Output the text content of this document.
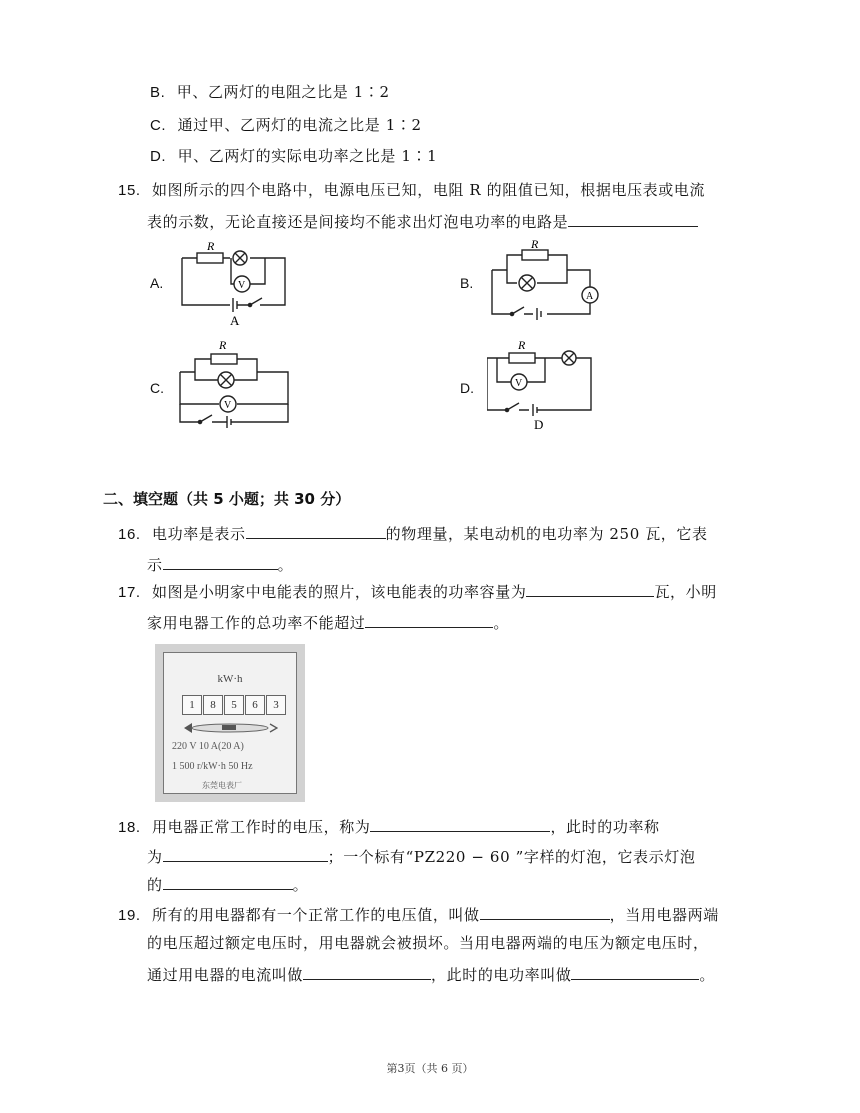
B. 甲、乙两灯的电阻之比是 1∶2
C. 通过甲、乙两灯的电流之比是 1∶2
D. 甲、乙两灯的实际电功率之比是 1∶1
15. 如图所示的四个电路中，电源电压已知，电阻 R 的阻值已知，根据电压表或电流
表的示数，无论直接还是间接均不能求出灯泡电功率的电路是
A.
R
V
A
B.
R
A
C.
R
V
D.
R
V
D
二、填空题（共 5 小题；共 30 分）
16. 电功率是表示	的物理量，某电动机的电功率为 250 瓦，它表
示	。
17. 如图是小明家中电能表的照片，该电能表的功率容量为	瓦，小明
家用电器工作的总功率不能超过	。
kW·h
1	8	5	6	3
220 V 10 A(20 A)
1 500 r/kW·h 50 Hz
东莞电表厂
18. 用电器正常工作时的电压，称为	，此时的功率称
为	；一个标有“PZ220 − 60 ”字样的灯泡，它表示灯泡
的	。
19. 所有的用电器都有一个正常工作的电压值，叫做	，当用电器两端
的电压超过额定电压时，用电器就会被损坏。当用电器两端的电压为额定电压时，
通过用电器的电流叫做	，此时的电功率叫做	。
第3页（共 6 页）
